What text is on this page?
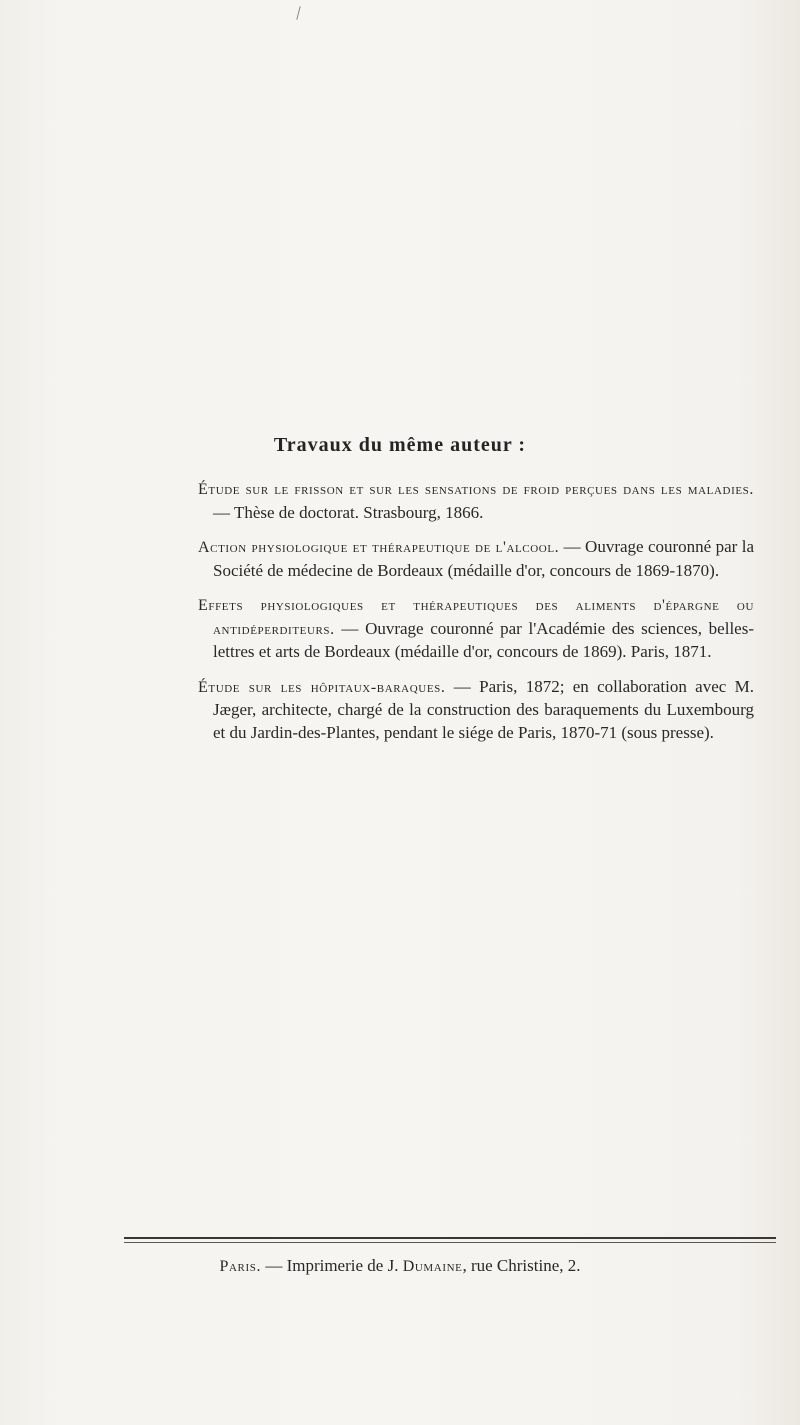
Travaux du même auteur :

Étude sur le frisson et sur les sensations de froid perçues dans les maladies. — Thèse de doctorat. Strasbourg, 1866.

Action physiologique et thérapeutique de l'alcool. — Ouvrage couronné par la Société de médecine de Bordeaux (médaille d'or, concours de 1869-1870).

Effets physiologiques et thérapeutiques des aliments d'épargne ou antidéperditeurs. — Ouvrage couronné par l'Académie des sciences, belles-lettres et arts de Bordeaux (médaille d'or, concours de 1869). Paris, 1871.

Étude sur les hôpitaux-baraques. — Paris, 1872; en collaboration avec M. Jæger, architecte, chargé de la construction des baraquements du Luxembourg et du Jardin-des-Plantes, pendant le siége de Paris, 1870-71 (sous presse).

Paris. — Imprimerie de J. Dumaine, rue Christine, 2.
